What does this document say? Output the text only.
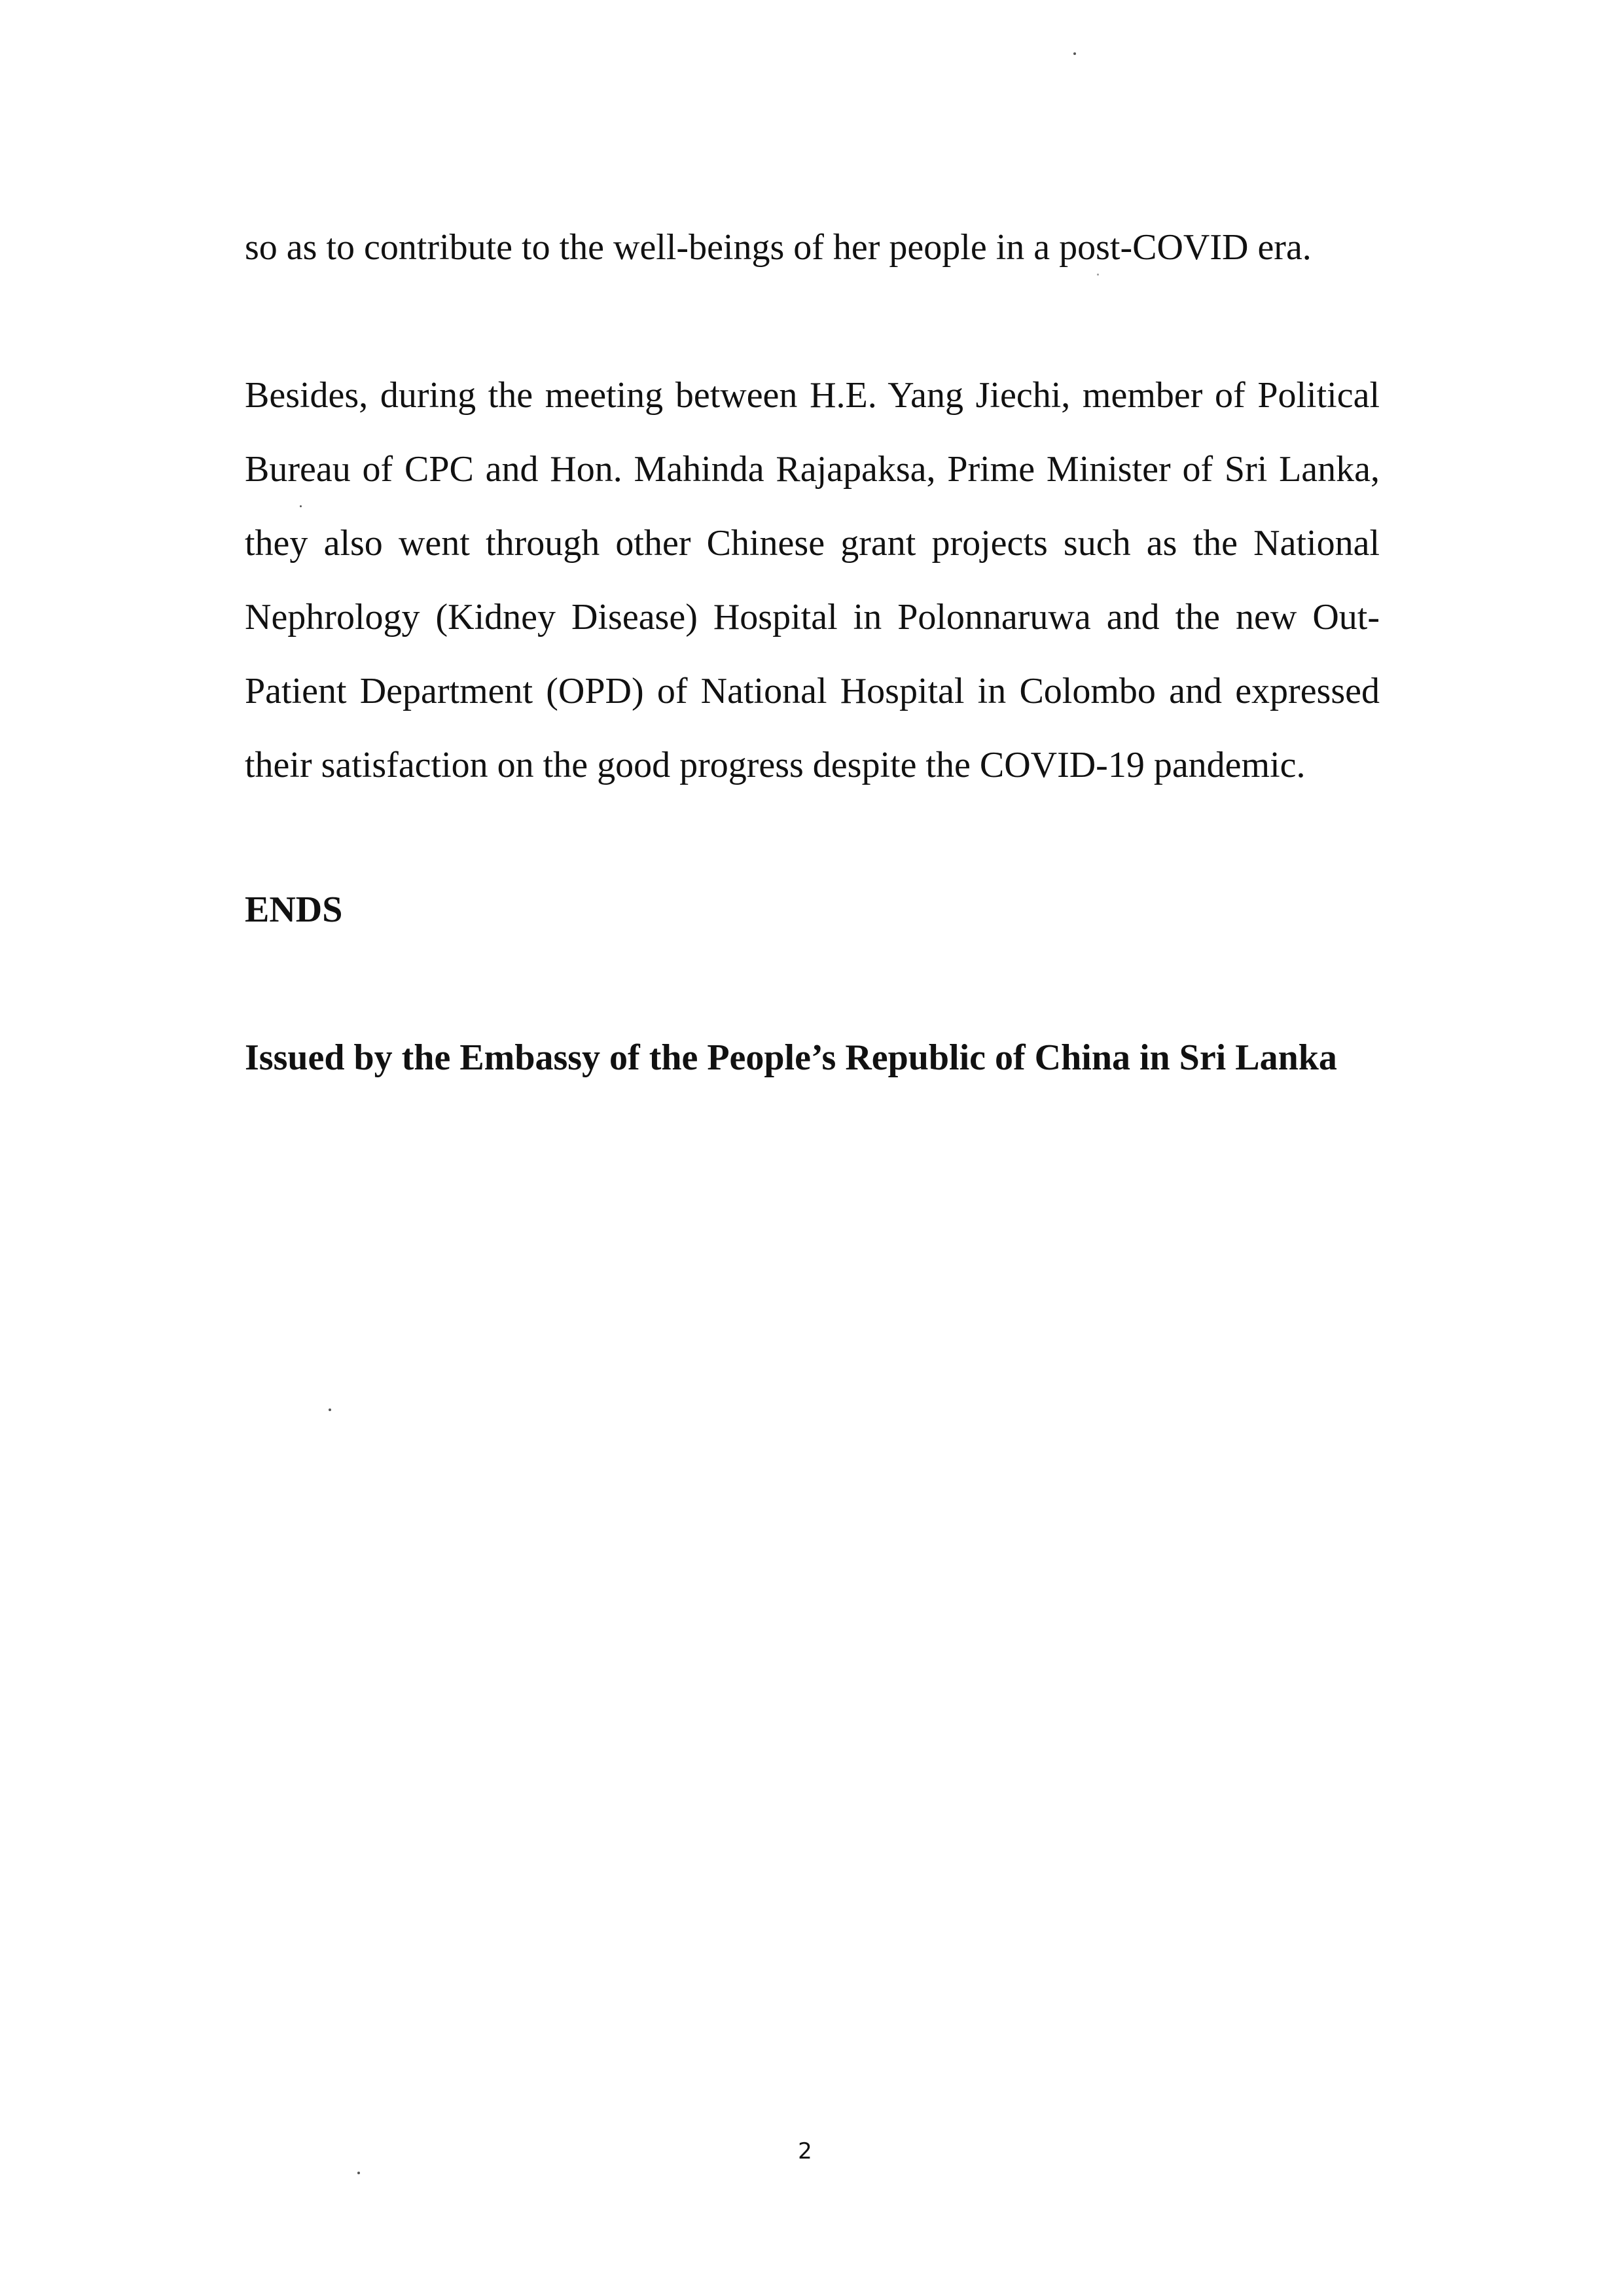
so as to contribute to the well-beings of her people in a post-COVID era.
Besides, during the meeting between H.E. Yang Jiechi, member of Political Bureau of CPC and Hon. Mahinda Rajapaksa, Prime Minister of Sri Lanka, they also went through other Chinese grant projects such as the National Nephrology (Kidney Disease) Hospital in Polonnaruwa and the new Out-Patient Department (OPD) of National Hospital in Colombo and expressed their satisfaction on the good progress despite the COVID-19 pandemic.
ENDS
Issued by the Embassy of the People’s Republic of China in Sri Lanka
2
